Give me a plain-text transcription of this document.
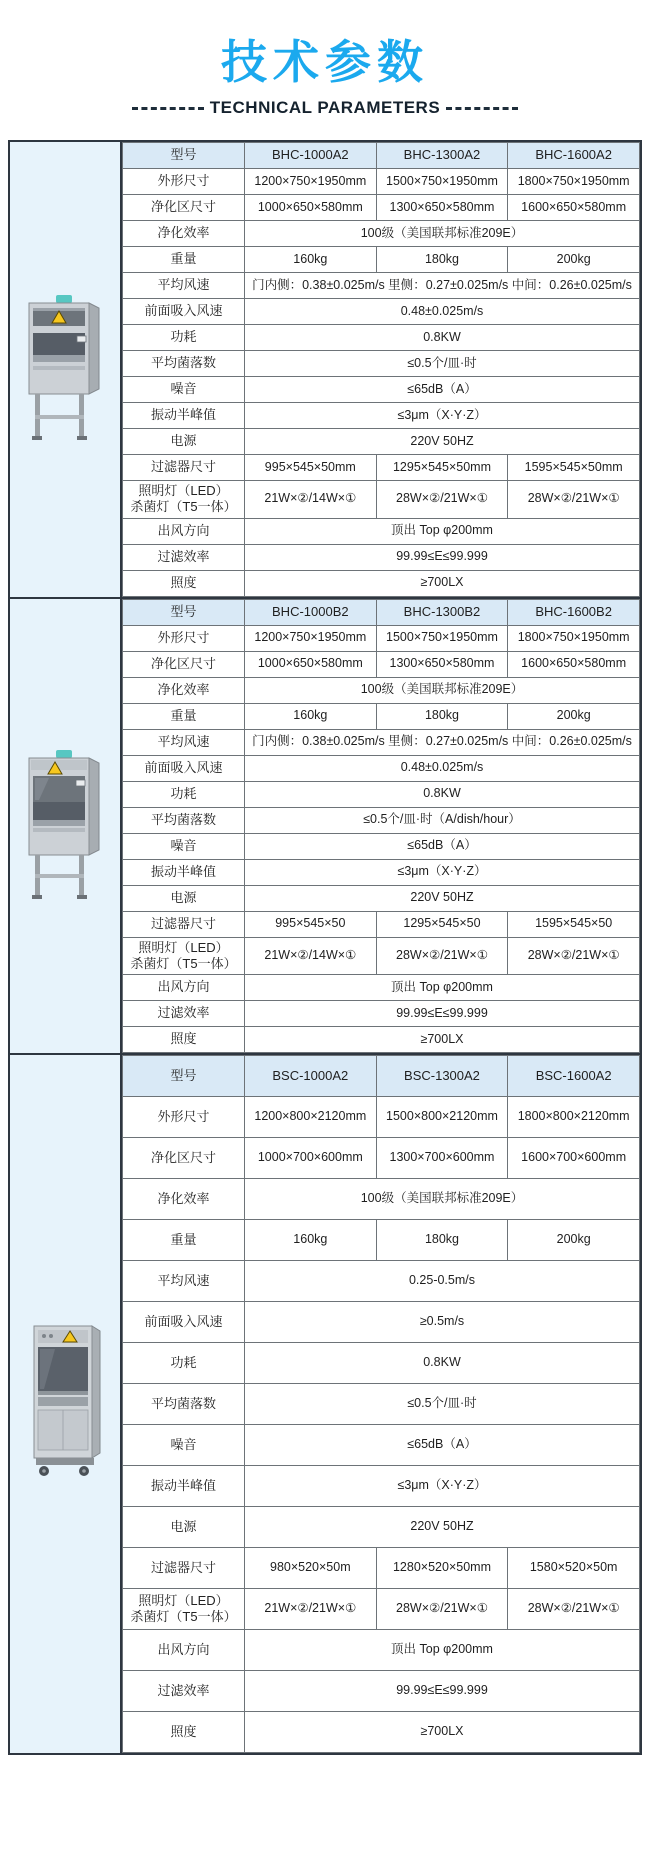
技术参数
TECHNICAL PARAMETERS
型号	BHC-1000A2	BHC-1300A2	BHC-1600A2
外形尺寸	1200×750×1950mm	1500×750×1950mm	1800×750×1950mm
净化区尺寸	1000×650×580mm	1300×650×580mm	1600×650×580mm
净化效率	100级（美国联邦标准209E）		
重量	160kg	180kg	200kg
平均风速	门内侧：0.38±0.025m/s 里侧：0.27±0.025m/s 中间：0.26±0.025m/s		
前面吸入风速	0.48±0.025m/s		
功耗	0.8KW		
平均菌落数	≤0.5个/皿·时		
噪音	≤65dB（A）		
振动半峰值	≤3μm（X·Y·Z）		
电源	220V 50HZ		
过滤器尺寸	995×545×50mm	1295×545×50mm	1595×545×50mm

照明灯（LED）
杀菌灯（T5一体）	21W×②/14W×①	28W×②/21W×①	28W×②/21W×①
出风方向	顶出 Top φ200mm		
过滤效率	99.99≤E≤99.999		
照度	≥700LX		
型号	BHC-1000B2	BHC-1300B2	BHC-1600B2
外形尺寸	1200×750×1950mm	1500×750×1950mm	1800×750×1950mm
净化区尺寸	1000×650×580mm	1300×650×580mm	1600×650×580mm
净化效率	100级（美国联邦标准209E）		
重量	160kg	180kg	200kg
平均风速	门内侧：0.38±0.025m/s 里侧：0.27±0.025m/s 中间：0.26±0.025m/s		
前面吸入风速	0.48±0.025m/s		
功耗	0.8KW		
平均菌落数	≤0.5个/皿·时（A/dish/hour）		
噪音	≤65dB（A）		
振动半峰值	≤3μm（X·Y·Z）		
电源	220V 50HZ		
过滤器尺寸	995×545×50	1295×545×50	1595×545×50

照明灯（LED）
杀菌灯（T5一体）	21W×②/14W×①	28W×②/21W×①	28W×②/21W×①
出风方向	顶出 Top φ200mm		
过滤效率	99.99≤E≤99.999		
照度	≥700LX		
型号	BSC-1000A2	BSC-1300A2	BSC-1600A2
外形尺寸	1200×800×2120mm	1500×800×2120mm	1800×800×2120mm
净化区尺寸	1000×700×600mm	1300×700×600mm	1600×700×600mm
净化效率	100级（美国联邦标准209E）		
重量	160kg	180kg	200kg
平均风速	0.25-0.5m/s		
前面吸入风速	≥0.5m/s		
功耗	0.8KW		
平均菌落数	≤0.5个/皿·时		
噪音	≤65dB（A）		
振动半峰值	≤3μm（X·Y·Z）		
电源	220V 50HZ		
过滤器尺寸	980×520×50m	1280×520×50mm	1580×520×50m

照明灯（LED）
杀菌灯（T5一体）	21W×②/21W×①	28W×②/21W×①	28W×②/21W×①
出风方向	顶出 Top φ200mm		
过滤效率	99.99≤E≤99.999		
照度	≥700LX		
